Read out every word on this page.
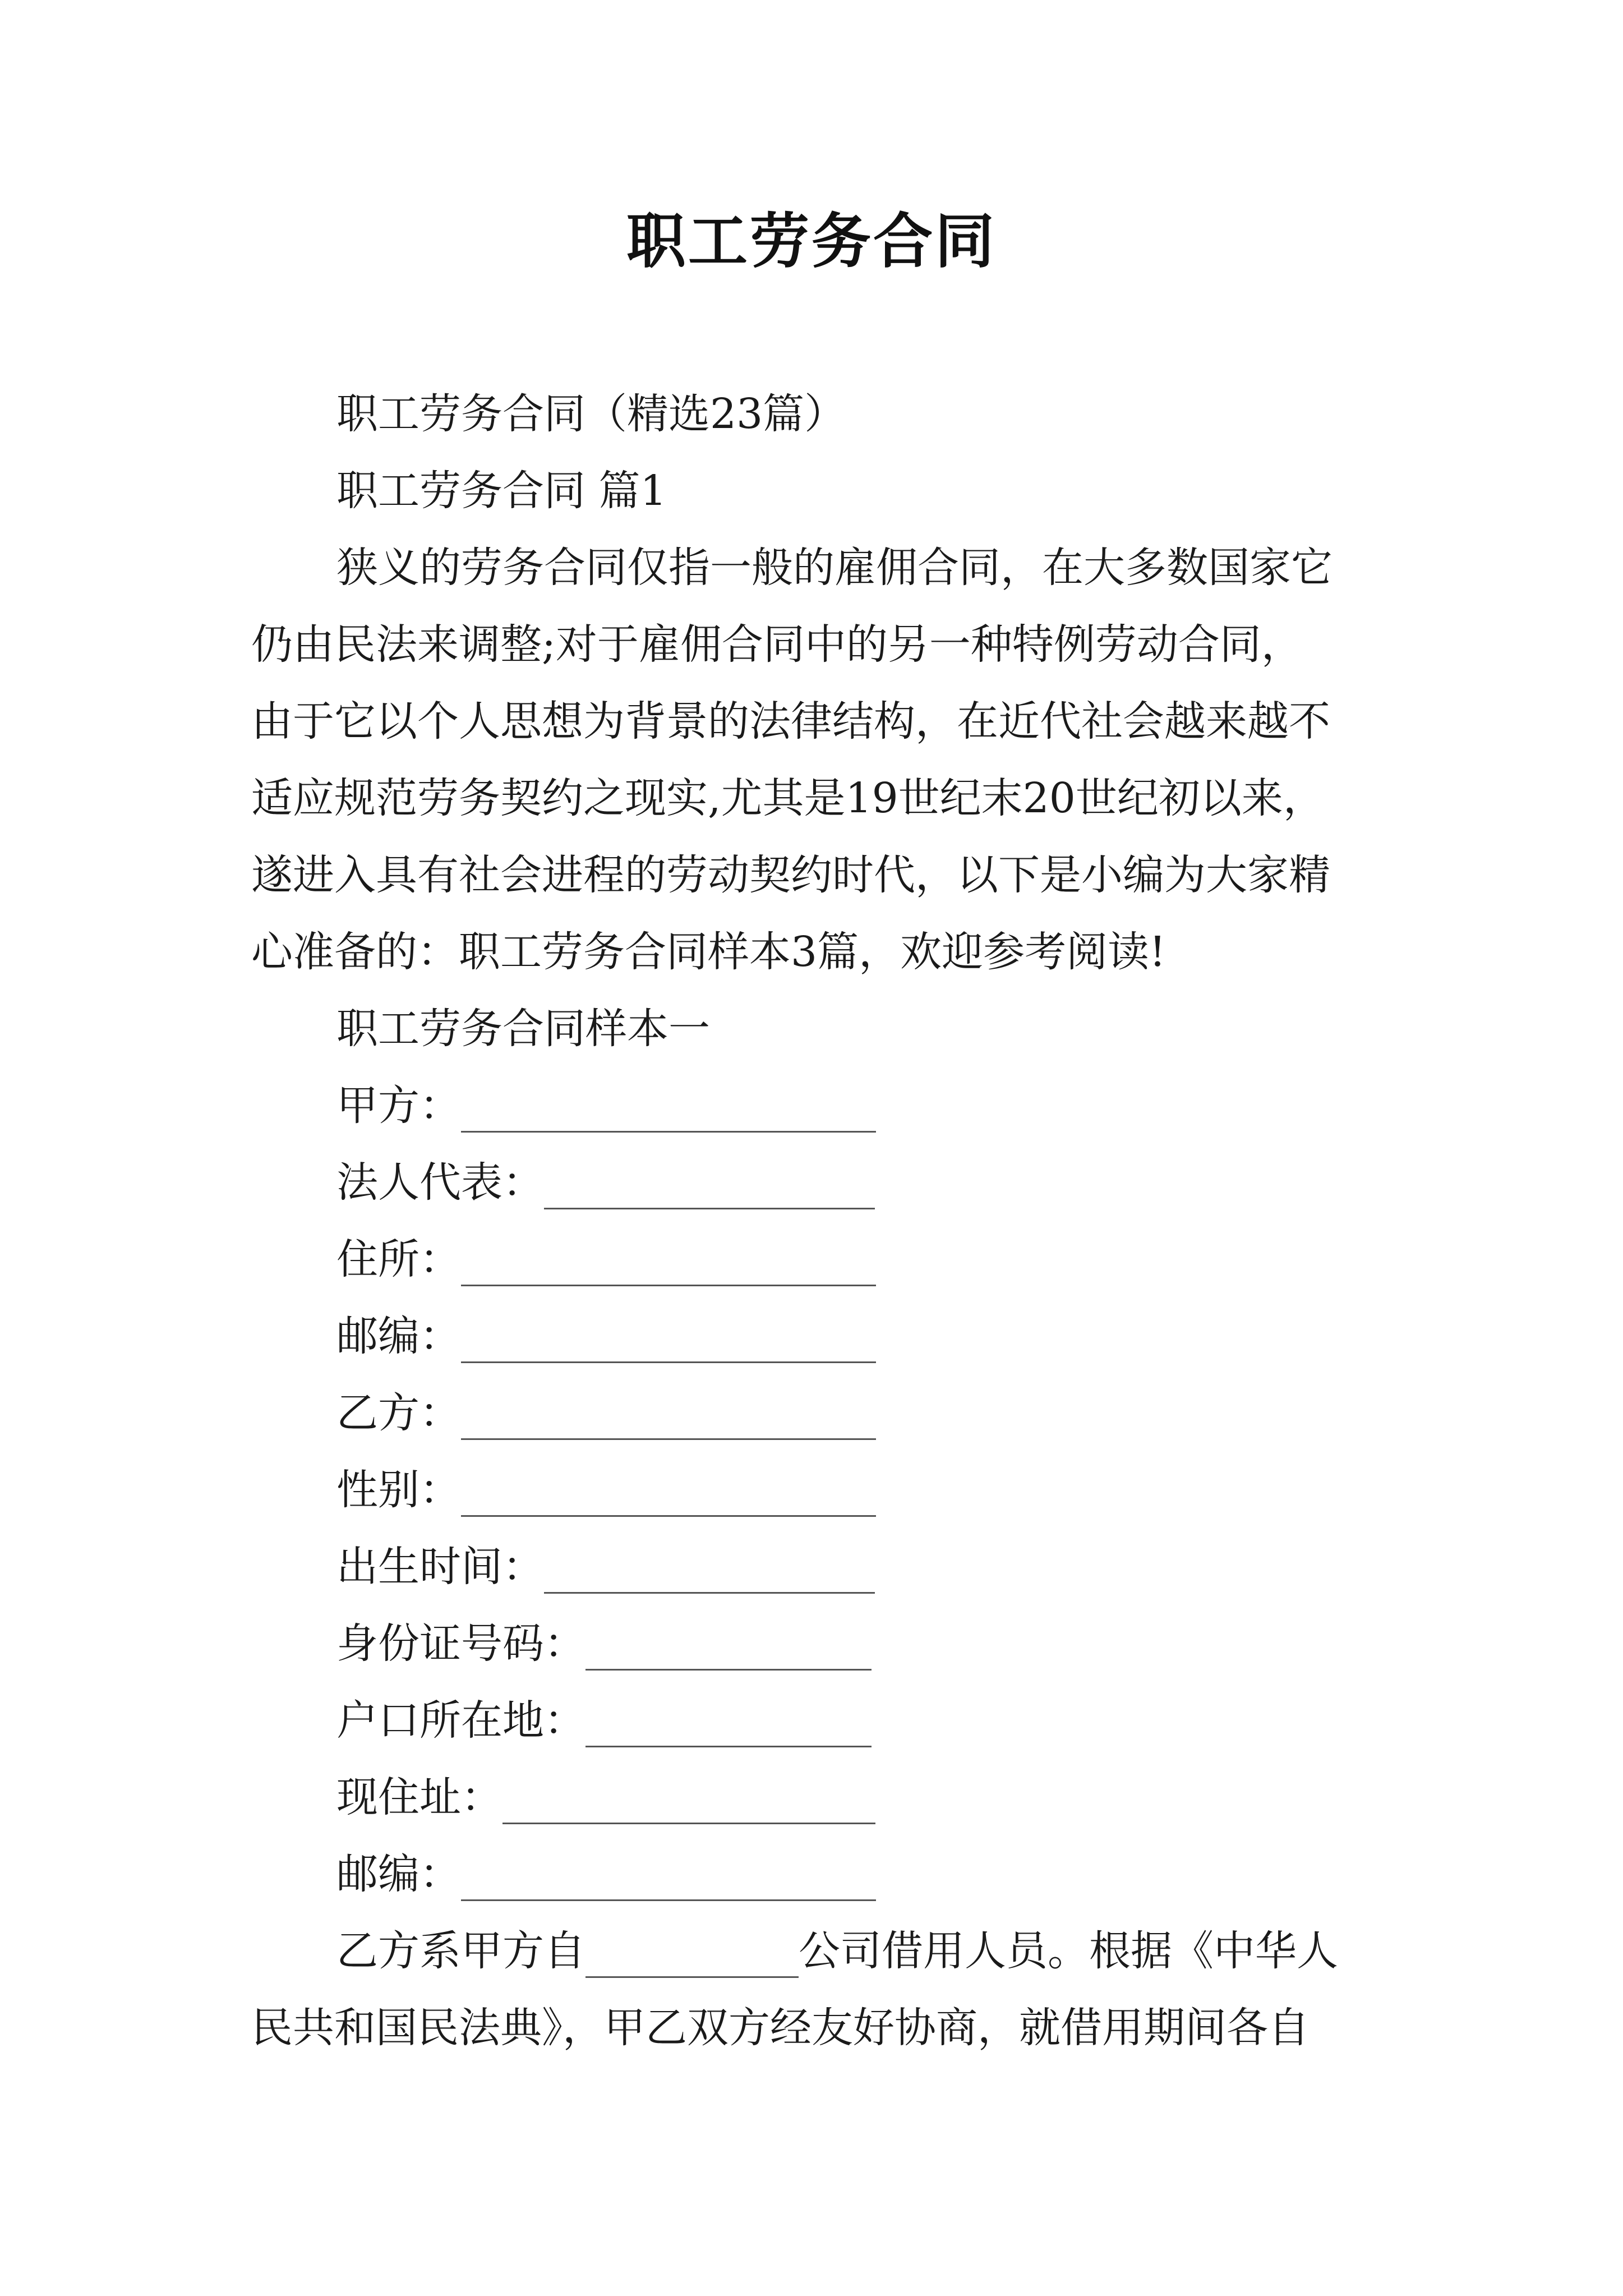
职工劳务合同
职工劳务合同（精选23篇）
职工劳务合同 篇1
狭义的劳务合同仅指一般的雇佣合同，在大多数国家它
仍由民法来调整;对于雇佣合同中的另一种特例劳动合同，
由于它以个人思想为背景的法律结构，在近代社会越来越不
适应规范劳务契约之现实,尤其是19世纪末20世纪初以来，
遂进入具有社会进程的劳动契约时代，以下是小编为大家精
心准备的：职工劳务合同样本3篇，欢迎参考阅读!
职工劳务合同样本一
甲方：
法人代表：
住所：
邮编：
乙方：
性别：
出生时间：
身份证号码：
户口所在地：
现住址：
邮编：
乙方系甲方自	公司借用人员。根据《中华人
民共和国民法典》，甲乙双方经友好协商，就借用期间各自
